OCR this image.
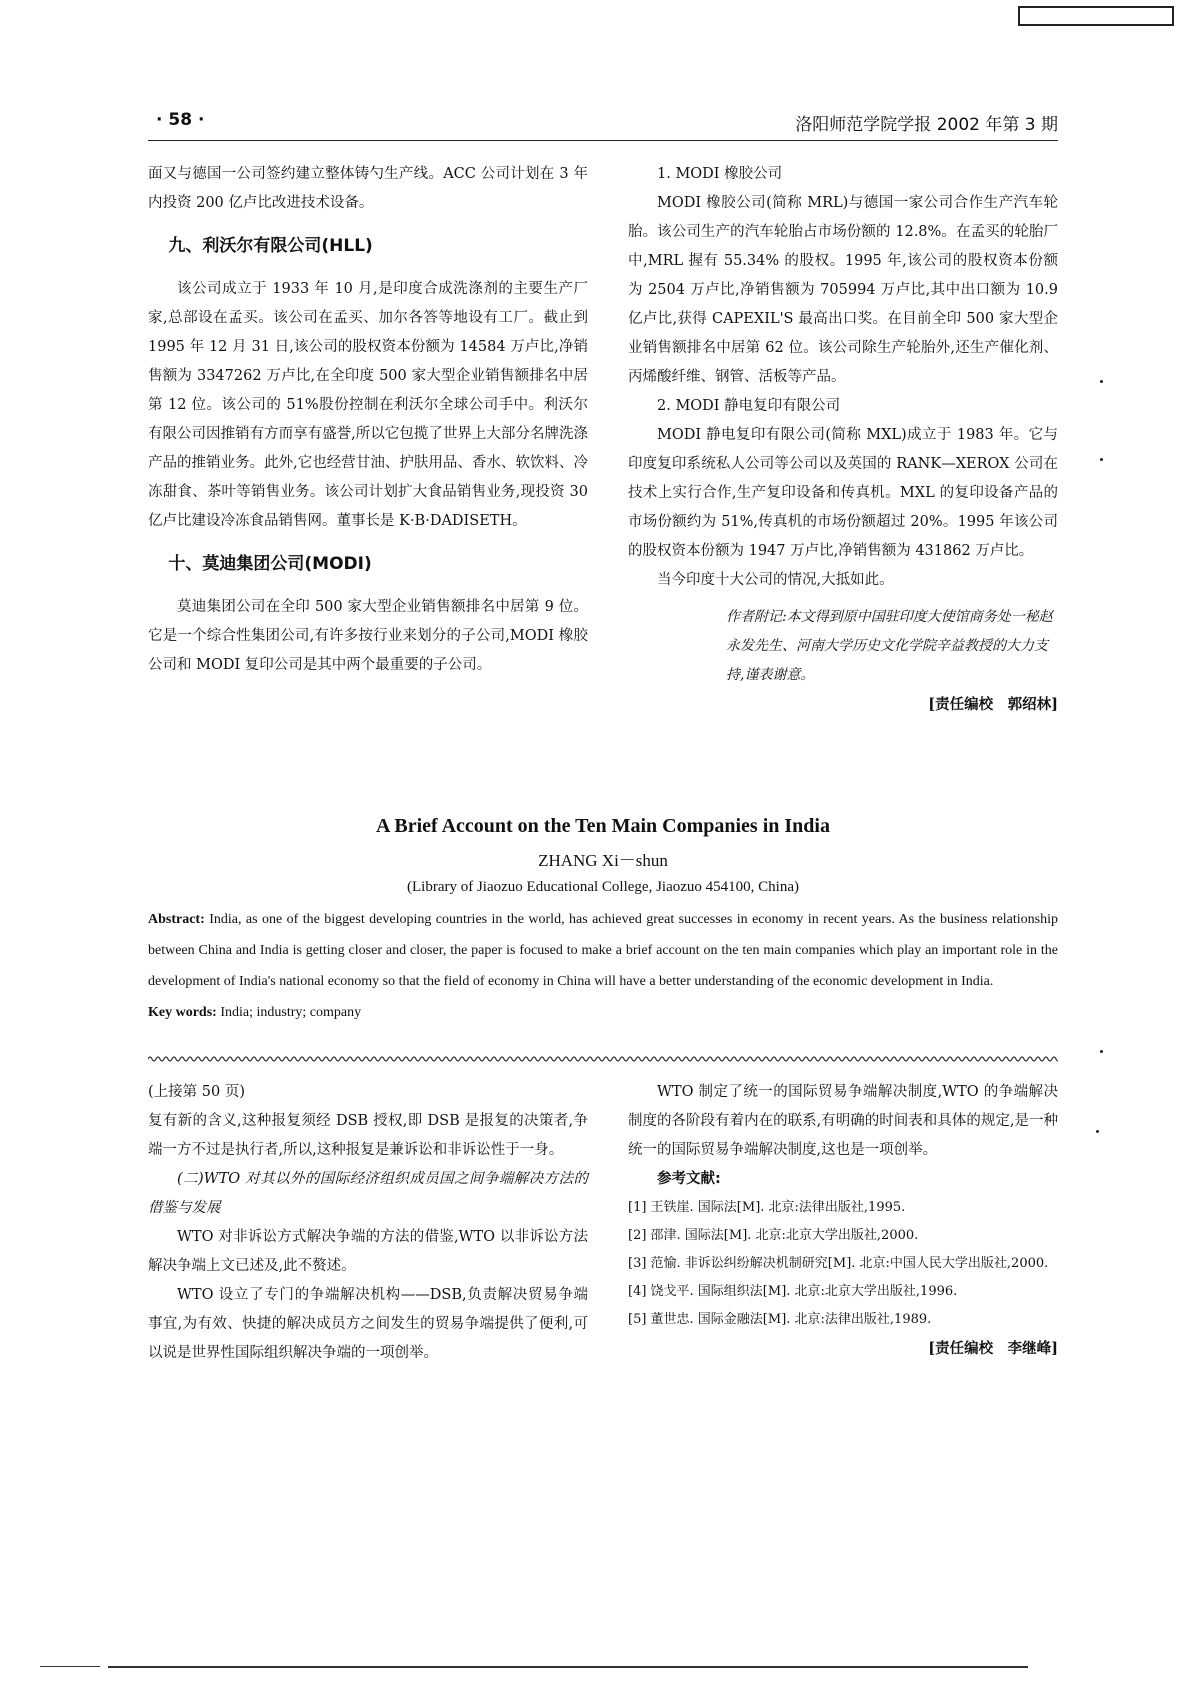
· 58 ·	洛阳师范学院学报 2002 年第 3 期

面又与德国一公司签约建立整体铸勺生产线。ACC 公司计划在 3 年内投资 200 亿卢比改进技术设备。

九、利沃尔有限公司(HLL)

该公司成立于 1933 年 10 月,是印度合成洗涤剂的主要生产厂家,总部设在孟买。该公司在孟买、加尔各答等地设有工厂。截止到 1995 年 12 月 31 日,该公司的股权资本份额为 14584 万卢比,净销售额为 3347262 万卢比,在全印度 500 家大型企业销售额排名中居第 12 位。该公司的 51%股份控制在利沃尔全球公司手中。利沃尔有限公司因推销有方而享有盛誉,所以它包揽了世界上大部分名牌洗涤产品的推销业务。此外,它也经营甘油、护肤用品、香水、软饮料、冷冻甜食、茶叶等销售业务。该公司计划扩大食品销售业务,现投资 30 亿卢比建设冷冻食品销售网。董事长是 K·B·DADISETH。

十、莫迪集团公司(MODI)

莫迪集团公司在全印 500 家大型企业销售额排名中居第 9 位。它是一个综合性集团公司,有许多按行业来划分的子公司,MODI 橡胶公司和 MODI 复印公司是其中两个最重要的子公司。

1. MODI 橡胶公司

MODI 橡胶公司(简称 MRL)与德国一家公司合作生产汽车轮胎。该公司生产的汽车轮胎占市场份额的 12.8%。在孟买的轮胎厂中,MRL 握有 55.34% 的股权。1995 年,该公司的股权资本份额为 2504 万卢比,净销售额为 705994 万卢比,其中出口额为 10.9 亿卢比,获得 CAPEXIL'S 最高出口奖。在目前全印 500 家大型企业销售额排名中居第 62 位。该公司除生产轮胎外,还生产催化剂、丙烯酸纤维、钢管、活板等产品。

2. MODI 静电复印有限公司

MODI 静电复印有限公司(简称 MXL)成立于 1983 年。它与印度复印系统私人公司等公司以及英国的 RANK—XEROX 公司在技术上实行合作,生产复印设备和传真机。MXL 的复印设备产品的市场份额约为 51%,传真机的市场份额超过 20%。1995 年该公司的股权资本份额为 1947 万卢比,净销售额为 431862 万卢比。

当今印度十大公司的情况,大抵如此。

作者附记:本文得到原中国驻印度大使馆商务处一秘赵永发先生、河南大学历史文化学院辛益教授的大力支持,谨表谢意。
[责任编校　郭绍林]
A Brief Account on the Ten Main Companies in India
ZHANG Xi－shun
(Library of Jiaozuo Educational College, Jiaozuo 454100, China)

Abstract: India, as one of the biggest developing countries in the world, has achieved great successes in economy in recent years. As the business relationship between China and India is getting closer and closer, the paper is focused to make a brief account on the ten main companies which play an important role in the development of India's national economy so that the field of economy in China will have a better understanding of the economic development in India.

Key words: India; industry; company

(上接第 50 页)

复有新的含义,这种报复须经 DSB 授权,即 DSB 是报复的决策者,争端一方不过是执行者,所以,这种报复是兼诉讼和非诉讼性于一身。

(二)WTO 对其以外的国际经济组织成员国之间争端解决方法的借鉴与发展

WTO 对非诉讼方式解决争端的方法的借鉴,WTO 以非诉讼方法解决争端上文已述及,此不赘述。

WTO 设立了专门的争端解决机构——DSB,负责解决贸易争端事宜,为有效、快捷的解决成员方之间发生的贸易争端提供了便利,可以说是世界性国际组织解决争端的一项创举。

WTO 制定了统一的国际贸易争端解决制度,WTO 的争端解决制度的各阶段有着内在的联系,有明确的时间表和具体的规定,是一种统一的国际贸易争端解决制度,这也是一项创举。

参考文献:

[1] 王铁崖. 国际法[M]. 北京:法律出版社,1995.
[2] 邵津. 国际法[M]. 北京:北京大学出版社,2000.
[3] 范愉. 非诉讼纠纷解决机制研究[M]. 北京:中国人民大学出版社,2000.
[4] 饶戈平. 国际组织法[M]. 北京:北京大学出版社,1996.
[5] 董世忠. 国际金融法[M]. 北京:法律出版社,1989.
[责任编校　李继峰]
